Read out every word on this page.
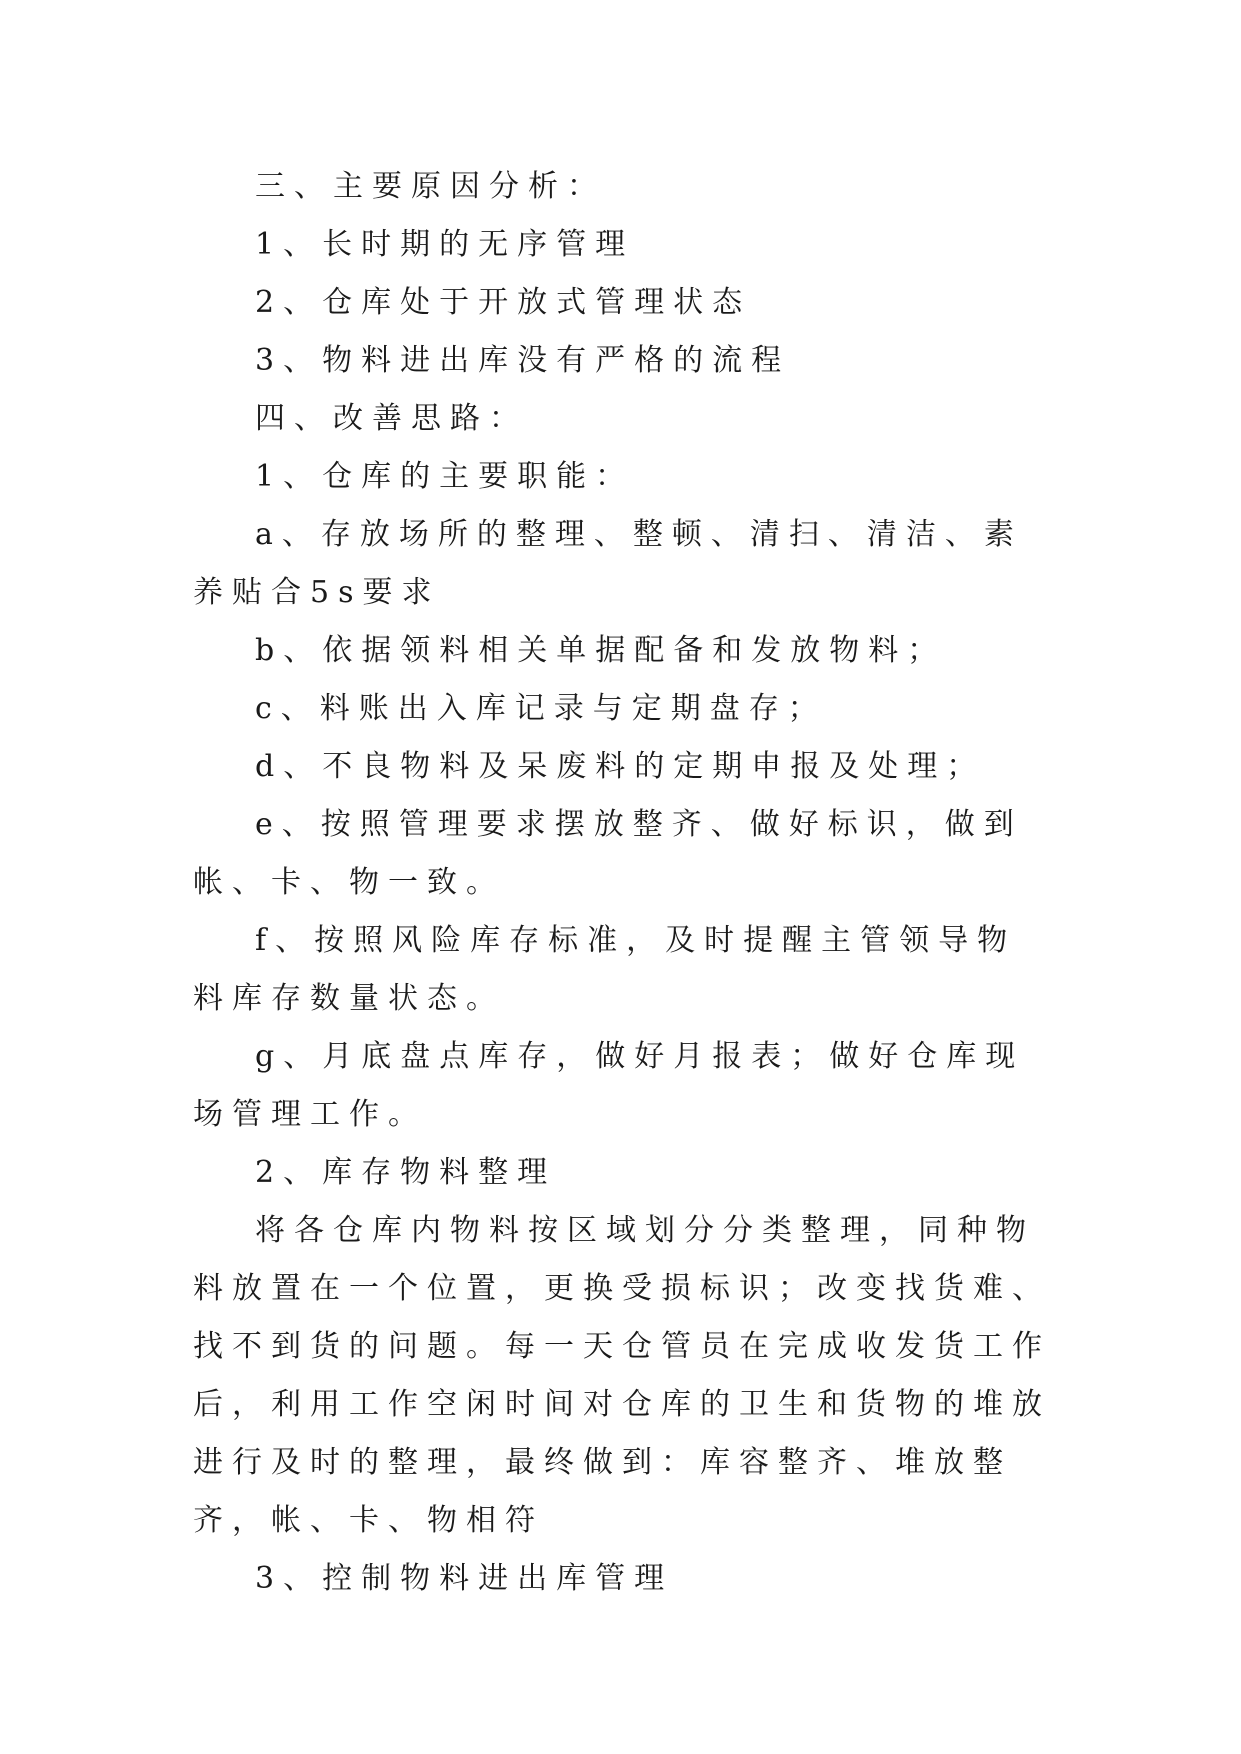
三、主要原因分析：

1、长时期的无序管理

2、仓库处于开放式管理状态

3、物料进出库没有严格的流程

四、改善思路：

1、仓库的主要职能：

a、存放场所的整理、整顿、清扫、清洁、素养贴合5s要求

b、依据领料相关单据配备和发放物料；

c、料账出入库记录与定期盘存；

d、不良物料及呆废料的定期申报及处理；

e、按照管理要求摆放整齐、做好标识，做到帐、卡、物一致。

f、按照风险库存标准，及时提醒主管领导物料库存数量状态。

g、月底盘点库存，做好月报表；做好仓库现场管理工作。

2、库存物料整理

将各仓库内物料按区域划分分类整理，同种物料放置在一个位置，更换受损标识；改变找货难、找不到货的问题。每一天仓管员在完成收发货工作后，利用工作空闲时间对仓库的卫生和货物的堆放进行及时的整理，最终做到：库容整齐、堆放整齐，帐、卡、物相符

3、控制物料进出库管理
